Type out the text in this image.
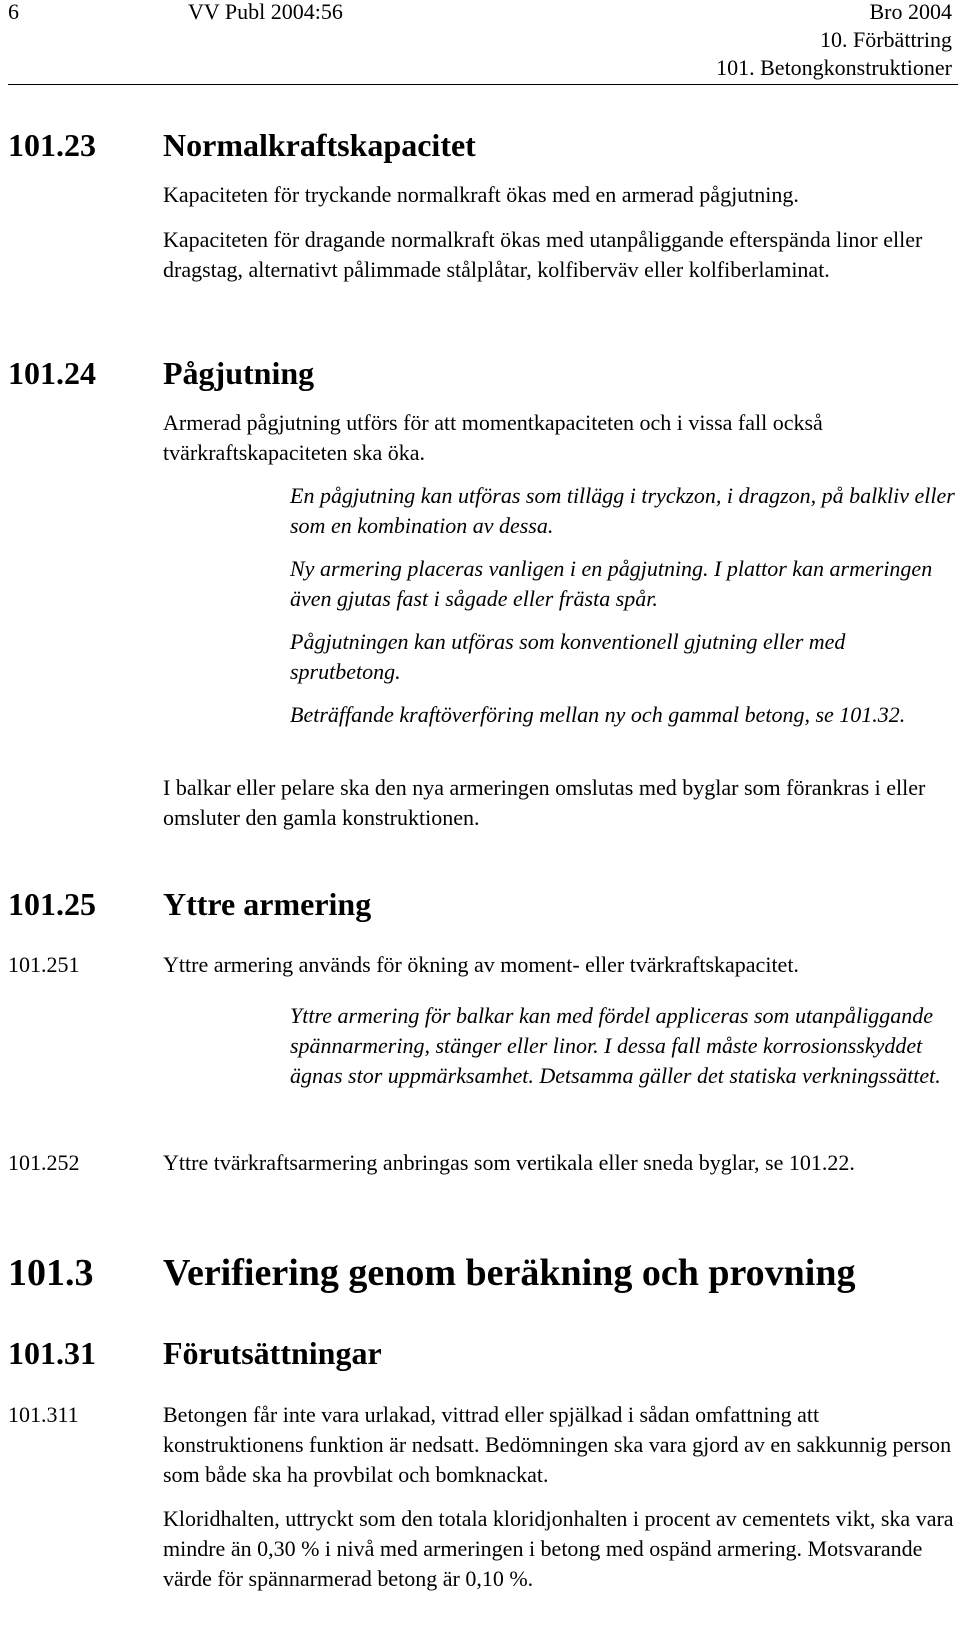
6	VV Publ 2004:56	Bro 2004
10. Förbättring
101. Betongkonstruktioner
101.23 Normalkraftskapacitet

Kapaciteten för tryckande normalkraft ökas med en armerad pågjutning.

Kapaciteten för dragande normalkraft ökas med utanpåliggande efterspända linor eller dragstag, alternativt pålimmade stålplåtar, kolfiberväv eller kolfiberlaminat.

101.24 Pågjutning

Armerad pågjutning utförs för att momentkapaciteten och i vissa fall också tvärkraftskapaciteten ska öka.

En pågjutning kan utföras som tillägg i tryckzon, i dragzon, på balkliv eller som en kombination av dessa.

Ny armering placeras vanligen i en pågjutning. I plattor kan armeringen även gjutas fast i sågade eller frästa spår.

Pågjutningen kan utföras som konventionell gjutning eller med sprutbetong.

Beträffande kraftöverföring mellan ny och gammal betong, se 101.32.

I balkar eller pelare ska den nya armeringen omslutas med byglar som förankras i eller omsluter den gamla konstruktionen.

101.25 Yttre armering
101.251	Yttre armering används för ökning av moment- eller tvärkraftskapacitet.

Yttre armering för balkar kan med fördel appliceras som utanpåliggande spännarmering, stänger eller linor. I dessa fall måste korrosionsskyddet ägnas stor uppmärksamhet. Detsamma gäller det statiska verkningssättet.

101.252	Yttre tvärkraftsarmering anbringas som vertikala eller sneda byglar, se 101.22.

101.3 Verifiering genom beräkning och provning
101.31 Förutsättningar
101.311	Betongen får inte vara urlakad, vittrad eller spjälkad i sådan omfattning att konstruktionens funktion är nedsatt. Bedömningen ska vara gjord av en sakkunnig person som både ska ha provbilat och bomknackat.

Kloridhalten, uttryckt som den totala kloridjonhalten i procent av cementets vikt, ska vara mindre än 0,30 % i nivå med armeringen i betong med ospänd armering. Motsvarande värde för spännarmerad betong är 0,10 %.
